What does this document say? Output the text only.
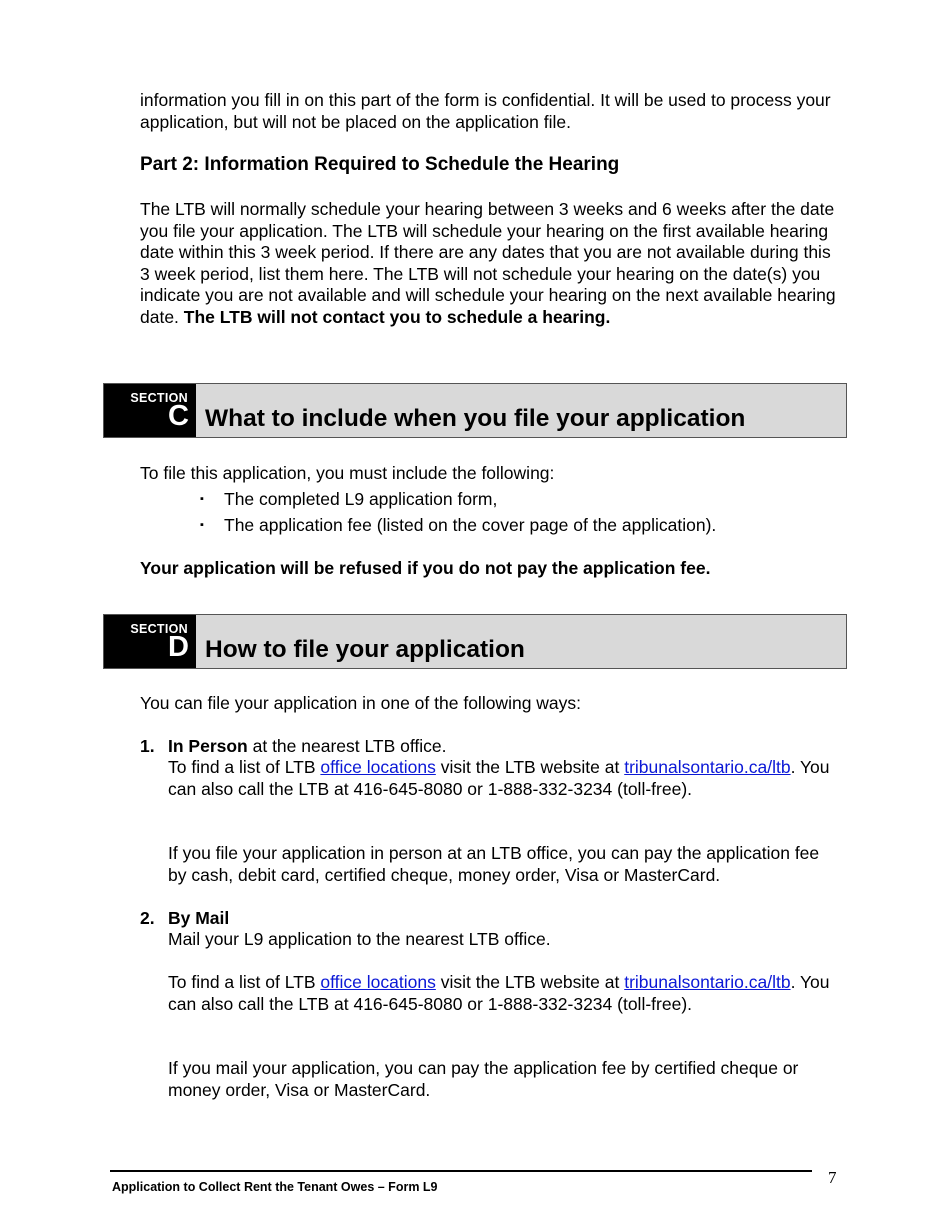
information you fill in on this part of the form is confidential. It will be used to process your application, but will not be placed on the application file.

Part 2: Information Required to Schedule the Hearing

The LTB will normally schedule your hearing between 3 weeks and 6 weeks after the date you file your application. The LTB will schedule your hearing on the first available hearing date within this 3 week period. If there are any dates that you are not available during this 3 week period, list them here. The LTB will not schedule your hearing on the date(s) you indicate you are not available and will schedule your hearing on the next available hearing date. The LTB will not contact you to schedule a hearing.

SECTION
C What to include when you file your application

To file this application, you must include the following:

▪ The completed L9 application form,
▪ The application fee (listed on the cover page of the application).

Your application will be refused if you do not pay the application fee.

SECTION
D How to file your application

You can file your application in one of the following ways:

1. In Person at the nearest LTB office.

To find a list of LTB office locations visit the LTB website at tribunalsontario.ca/ltb. You can also call the LTB at 416-645-8080 or 1-888-332-3234 (toll-free).

If you file your application in person at an LTB office, you can pay the application fee by cash, debit card, certified cheque, money order, Visa or MasterCard.

2. By Mail

Mail your L9 application to the nearest LTB office.

To find a list of LTB office locations visit the LTB website at tribunalsontario.ca/ltb. You can also call the LTB at 416-645-8080 or 1-888-332-3234 (toll-free).

If you mail your application, you can pay the application fee by certified cheque or money order, Visa or MasterCard.

Application to Collect Rent the Tenant Owes – Form L9	7
